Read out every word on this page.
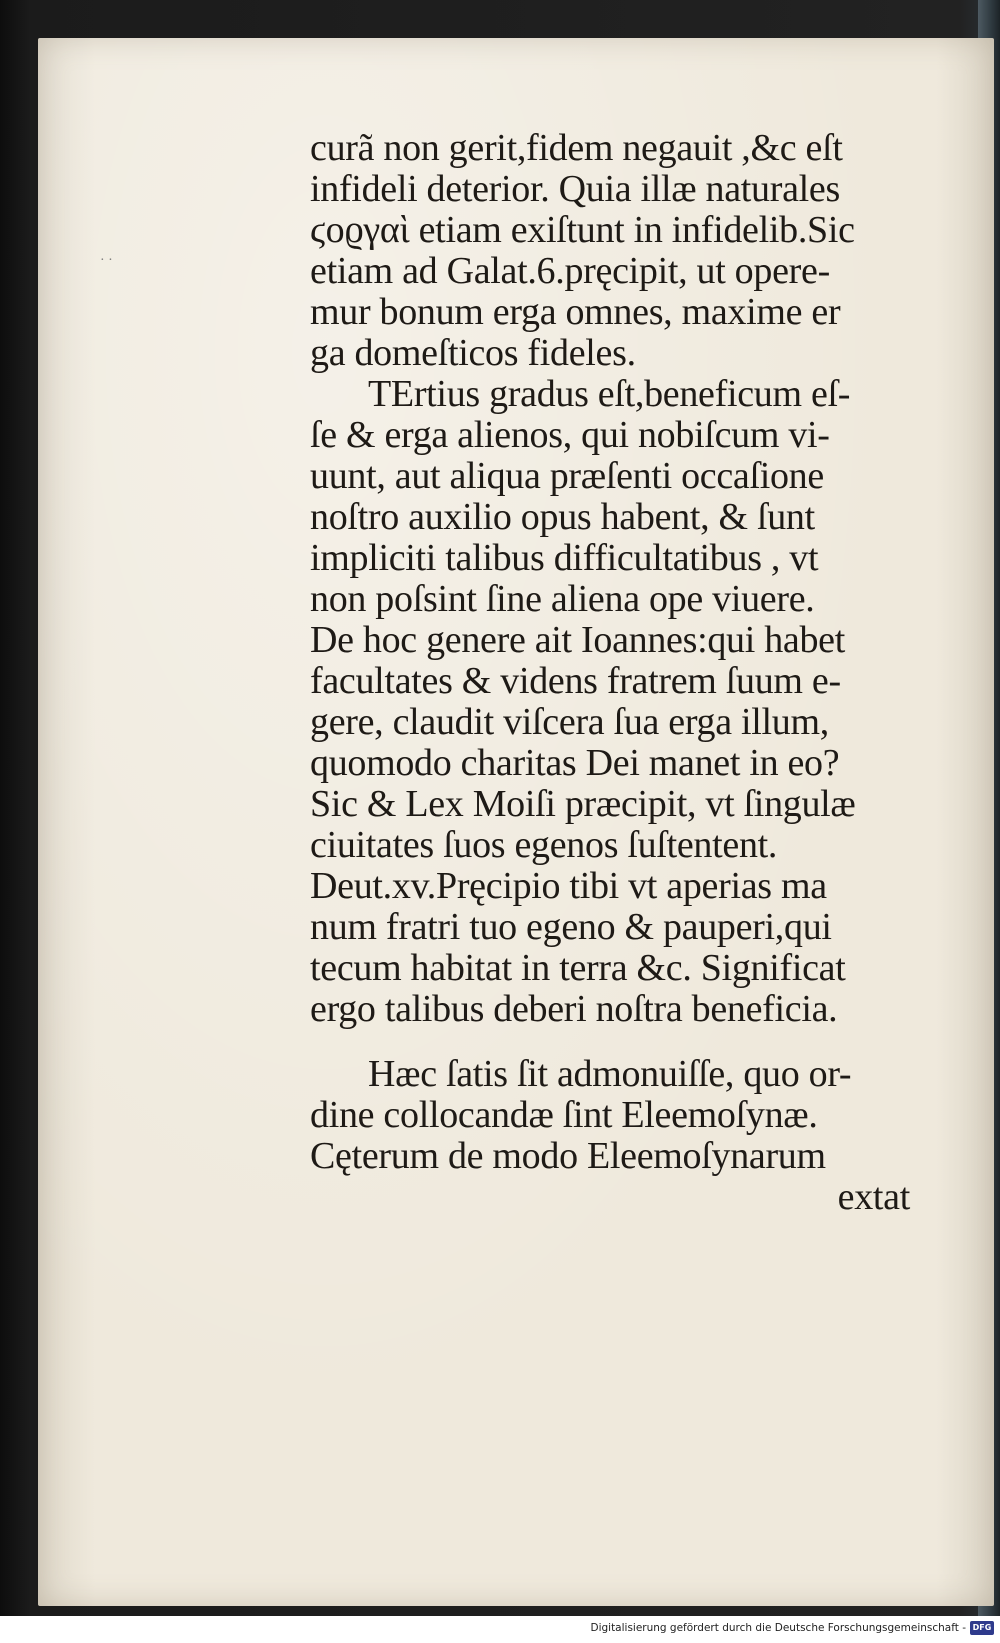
· ·
curã non gerit,fidem negauit ,&c eſt
infideli deterior. Quia illæ naturales
ϛοϱγαὶ etiam exiſtunt in infidelib.Sic
etiam ad Galat.6.pręcipit, ut opere-
mur bonum erga omnes, maxime er
ga domeſticos fideles.
TErtius gradus eſt,beneficum eſ-
ſe & erga alienos, qui nobiſcum vi-
uunt, aut aliqua præſenti occaſione
noſtro auxilio opus habent, & ſunt
impliciti talibus difficultatibus , vt
non poſsint ſine aliena ope viuere.
De hoc genere ait Ioannes:qui habet
facultates & videns fratrem ſuum e-
gere, claudit viſcera ſua erga illum,
quomodo charitas Dei manet in eo?
Sic & Lex Moiſi præcipit, vt ſingulæ
ciuitates ſuos egenos ſuſtentent.
Deut.xv.Pręcipio tibi vt aperias ma
num fratri tuo egeno & pauperi,qui
tecum habitat in terra &c. Significat
ergo talibus deberi noſtra beneficia.
Hæc ſatis ſit admonuiſſe, quo or-
dine collocandæ ſint Eleemoſynæ.
Cęterum de modo Eleemoſynarum
extat
Digitalisierung gefördert durch die Deutsche Forschungsgemeinschaft - DFG
